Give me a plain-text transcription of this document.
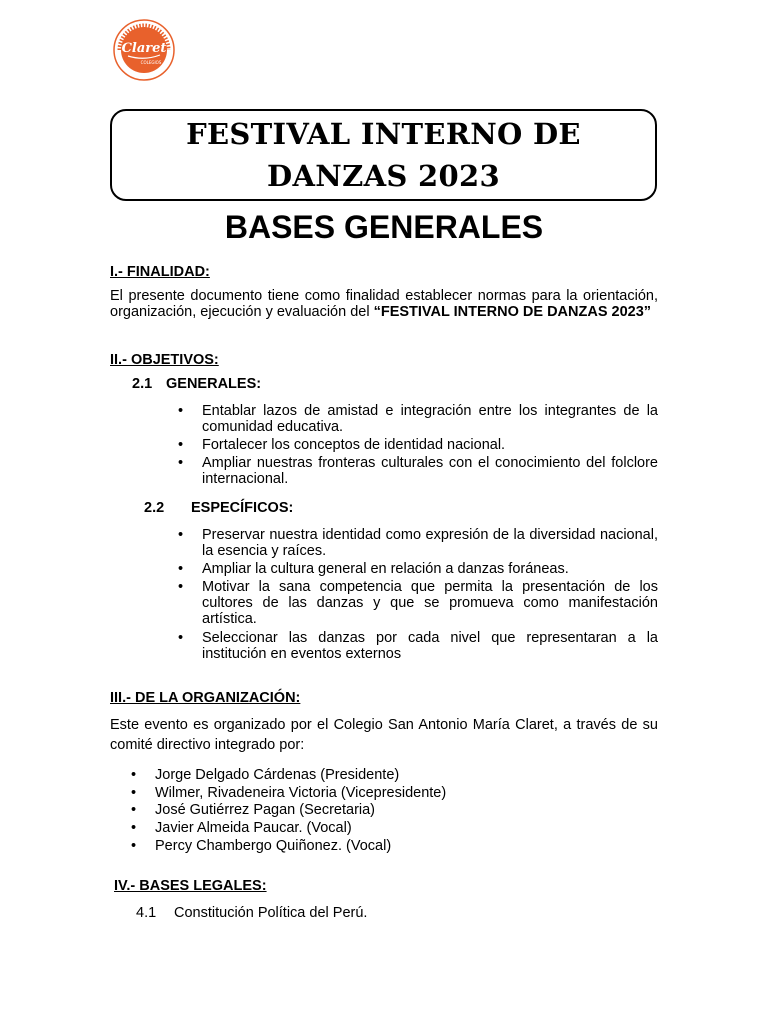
Claret
COLEGIOS
FESTIVAL INTERNO DE
DANZAS 2023
BASES GENERALES
I.- FINALIDAD:
El presente documento tiene como finalidad establecer normas para la orientación, organización, ejecución y evaluación del “FESTIVAL INTERNO DE DANZAS 2023”
II.- OBJETIVOS:
2.1 GENERALES:
• Entablar lazos de amistad e integración entre los integrantes de la comunidad educativa.
• Fortalecer los conceptos de identidad nacional.
• Ampliar nuestras fronteras culturales con el conocimiento del folclore internacional.
2.2 ESPECÍFICOS:
• Preservar nuestra identidad como expresión de la diversidad nacional, la esencia y raíces.
• Ampliar la cultura general en relación a danzas foráneas.
• Motivar la sana competencia que permita la presentación de los cultores de las danzas y que se promueva como manifestación artística.
• Seleccionar las danzas por cada nivel que representaran a la institución en eventos externos
III.- DE LA ORGANIZACIÓN:
Este evento es organizado por el Colegio San Antonio María Claret, a través de su comité directivo integrado por:
• Jorge Delgado Cárdenas (Presidente)
• Wilmer, Rivadeneira Victoria (Vicepresidente)
• José Gutiérrez Pagan (Secretaria)
• Javier Almeida Paucar. (Vocal)
• Percy Chambergo Quiñonez. (Vocal)
IV.- BASES LEGALES:
4.1 Constitución Política del Perú.
